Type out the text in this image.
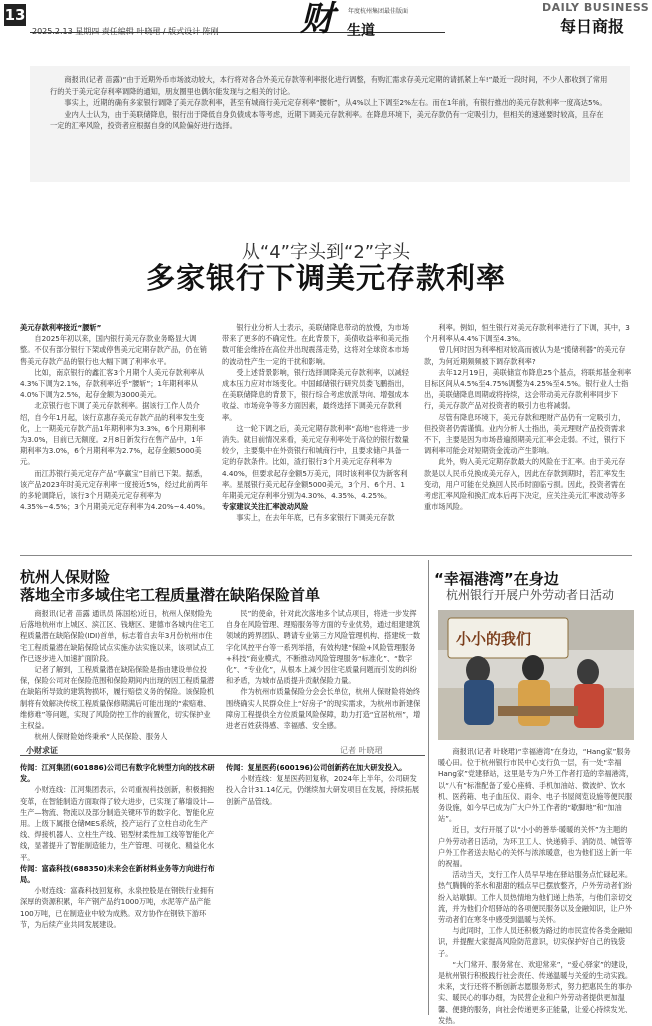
13	财 年度杭州集团最佳版面
生道
DAILY BUSINESS
每日商报

商报讯(记者 苗露)“由于近期外币市场波动较大，本行将对各合外美元存款等利率报化进行调整，有购汇需求存美元定期的请抓紧上车!”最近一段时间，不少人都收到了常用行的关于美元定存利率调降的通知，朋友圈里也偶尔能发现与之相关的讨论。

事实上，近期的确有多家银行调降了美元存款利率，甚至有城商行美元定存利率“腰斩”，从4%以上下调至2%左右。而在1年前，有银行推出的美元存款利率一度高达5%。

业内人士认为，由于美联储降息，银行出于降低自身负债成本等考虑，近期下调美元存款利率。在降息环境下，美元存款仍有一定吸引力，但相关的速递要时较高，且存在一定的汇率风险，投资者应根据自身的风险偏好进行选择。

从“4”字头到“2”字头
多家银行下调美元存款利率

美元存款利率接近“腰斩”

自2025年初以来，国内银行美元存款业务略显大调整。不仅有部分银行下架或停售美元定期存款产品，仍在销售美元存款产品的银行也大幅下调了利率水平。

比如，南京银行的鑫汇客3个月期个人美元存款利率从4.3%下调为2.1%，存款利率近乎“腰斩”；1年期利率从4.0%下调为2.5%，起存金额为3000美元。

北京银行也下调了美元存款利率。据该行工作人员介绍，自今年1月起，该行京惠存美元存款产品的利率发生变化，上一期美元存款产品1年期利率为3.3%，6个月期利率为3.0%，目前已无额度。2月8日新发行在售产品中，1年期利率为3.0%，6个月期利率为2.7%，起存金额5000美元。

而江苏银行美元定存产品“享赢宝”目前已下架。据悉，该产品2023年时美元定存利率一度接近5%，经过此前两年的多轮调降后，该行3个月期美元定存利率为4.35%~4.5%；3个月期美元定存利率为4.20%~4.40%。

银行业分析人士表示，美联储降息带动的放慢，为市场带来了更多的不确定性。在此背景下，美债收益率和美元指数可能会维持在高位并出现震荡走势，这将对全球资本市场的波动性产生一定的干扰和影响。

受上述背景影响，银行选择调降美元存款利率，以减轻成本压力应对市场变化。中国邮储银行研究员娄飞鹏指出，在美联储降息的背景下，银行综合考虑放派导向、增强成本收益、市场竞争等多方面因素，最终选择下调美元存款利率。

这一轮下调之后，美元定期存款利率“高地”也将进一步消失。就目前情况来看，美元定存利率处于高位的银行数量较少，主要集中在外资银行和城商行中，且要求储户具备一定的存款条件。比如，渣打银行3个月美元定存利率为4.40%，但要求起存金额5万美元，同时该利率仅为新客利率。星展银行美元起存金额5000美元，3个月、6个月、1年期美元定存利率分别为4.30%、4.35%、4.25%。

专家建议关注汇率波动风险

事实上，在去年年底，已有多家银行下调美元存款

利率。例如，恒生银行对美元存款利率进行了下调，其中，3个月利率从4.4%下调至4.3%。

曾几何时因为利率相对较高而被认为是“揽储利器”的美元存款，为何近期频频被下调存款利率?

去年12月19日，美联储宣布降息25个基点，将联邦基金利率目标区间从4.5%至4.75%调整为4.25%至4.5%。银行业人士指出，美联储降息周期或将持续，这会带动美元存款利率同步下行，美元存款产品对投资者的吸引力也将减弱。

尽管有降息环境下，美元存款和理财产品仍有一定吸引力，但投资者仍需谨慎。业内分析人士指出，美元理财产品投资需求不下，主要是因为市场普遍预期美元汇率会走弱。不过，银行下调利率可能会对短期资金流动产生影响。

此外，购入美元定期存款最大的风险在于汇率。由于美元存款是以人民币兑换成美元存入，因此在存款到期时，若汇率发生变动，用户可能在兑换回人民币时面临亏损。因此，投资者需在考虑汇率风险和换汇成本后再下决定，应关注美元汇率波动等多重市场风险。

杭州人保财险
落地全市多域住宅工程质量潜在缺陷保险首单

商报讯(记者 苗露 通讯员 陈国松)近日，杭州人保财险先后落地杭州市上城区、滨江区、钱塘区、建德市各城内住宅工程质量潜在缺陷保险(IDI)首单，标志着自去年3月份杭州市住宅工程质量潜在缺陷保险试点实施办法实施以来，该项试点工作已逐步进入加速扩面阶段。

记者了解到，工程质量潜在缺陷保险是指由建设单位投保，保险公司对在保险范围和保险期间内出现的因工程质量潜在缺陷所导致的建筑物损坏，履行赔偿义务的保险。该保险机制将有效解决传统工程质量保修期满后可能出现的“索赔难、维修难”等问题，实现了风险防控工作的前置化，切实保护业主权益。

杭州人保财险始终秉承“人民保险、服务人

民”的使命，针对此次落地多个试点项目，将进一步发挥自身在风险管理、理赔服务等方面的专业优势，通过组建建筑领域的跨界团队、聘请专业第三方风险管理机构、搭建统一数字化风控平台等一系列举措，有效构建“保险+风险管理服务+科技”商业模式，不断推动风险管理服务“标准化”、“数字化”、“专业化”，从根本上减少因住宅质量问题而引发的纠纷和矛盾，为城市品质提升贡献保险力量。

作为杭州市质量保险分会会长单位，杭州人保财险将始终围绕确实人民群众住上“好房子”的现实需求，为杭州市新建保障房工程提供全方位质量风险保障，助力打造“宜居杭州”，增进老百姓获得感、幸福感、安全感。

“幸福港湾”在身边
杭州银行开展户外劳动者日活动
小小的我们

商报讯(记者 叶晓珺)“幸福港湾”在身边，“Hang家”服务暖心田。位于杭州银行市民中心支行负一层，有一处“幸福Hang家”党建驿站，这里是专为户外工作者打造的幸福港湾，以“八有”标准配备了爱心座椅、手机加油站、微波炉、饮水机、医药箱、电子血压仪、雨伞、电子书屋阅览设施等便民服务设施，如今早已成为广大户外工作者的“歇脚地”和“加油站”。

近日，支行开展了以“小小的善举·暖暖的关怀”为主题的户外劳动者日活动，为环卫工人、快递骑手、消防员、城管等户外工作者送去贴心的关怀与浓浓暖意，也为他们送上新一年的祝福。

活动当天，支行工作人员早早地在驿站服务点忙碌起来。热气腾腾的茶水和甜甜的糕点早已摆放整齐，户外劳动者们纷纷入站歇脚。工作人员热情地为他们递上热茶，与他们亲切交流，并为他们介绍驿站的各项便民服务以及金融知识，让户外劳动者们在寒冬中感受到温暖与关怀。

与此同时，工作人员还积极为路过的市民宣传各类金融知识，并提醒大家提高风险防范意识，切实保护好自己的钱袋子。

“大门常开、服务常在、欢迎常来”，“爱心驿家”的建设，是杭州银行积极践行社会责任、传递温暖与关爱的生动实践。未来，支行还将不断创新志愿服务形式，努力把惠民生的事办实、暖民心的事办细，为民营企业和户外劳动者提供更加温馨、便捷的服务，向社会传递更多正能量，让爱心持续发光、发热。

小财求证	记者 叶晓珺

传闻：江河集团(601886)公司已有数字化转型方向的技术研发。

小财连线：江河集团表示，公司重视科技创新，积极拥抱变革，在智能制造方面取得了较大进步，已实现了幕墙设计—生产—物流、物流以及部分制造关键环节的数字化、智能化应用。上级下属报仓储MES系统，投产运行了立柱自动化生产线、焊接机器人、立柱生产线、铝型材柔性加工线等智能化产线，显著提升了智能制造能力，生产管理、可视化、精益化水平。

传闻：富森科技(688350)未来会在新材料业务等方向进行布局。

小财连线：富森科技回复称，永泉控股是在钢铁行业拥有深厚的资源积累，年产钢产品约1000万吨，水泥等产品产能100万吨，已在制造业中较为成熟。双方协作在钢铁下游环节，为后续产业共同发展建设。

传闻：复星医药(600196)公司创新药在加大研发投入。

小财连线：复星医药回复称，2024年上半年，公司研发投入合计31.14亿元，仍继续加大研发项目在发展，持续拓展创新产品管线。
